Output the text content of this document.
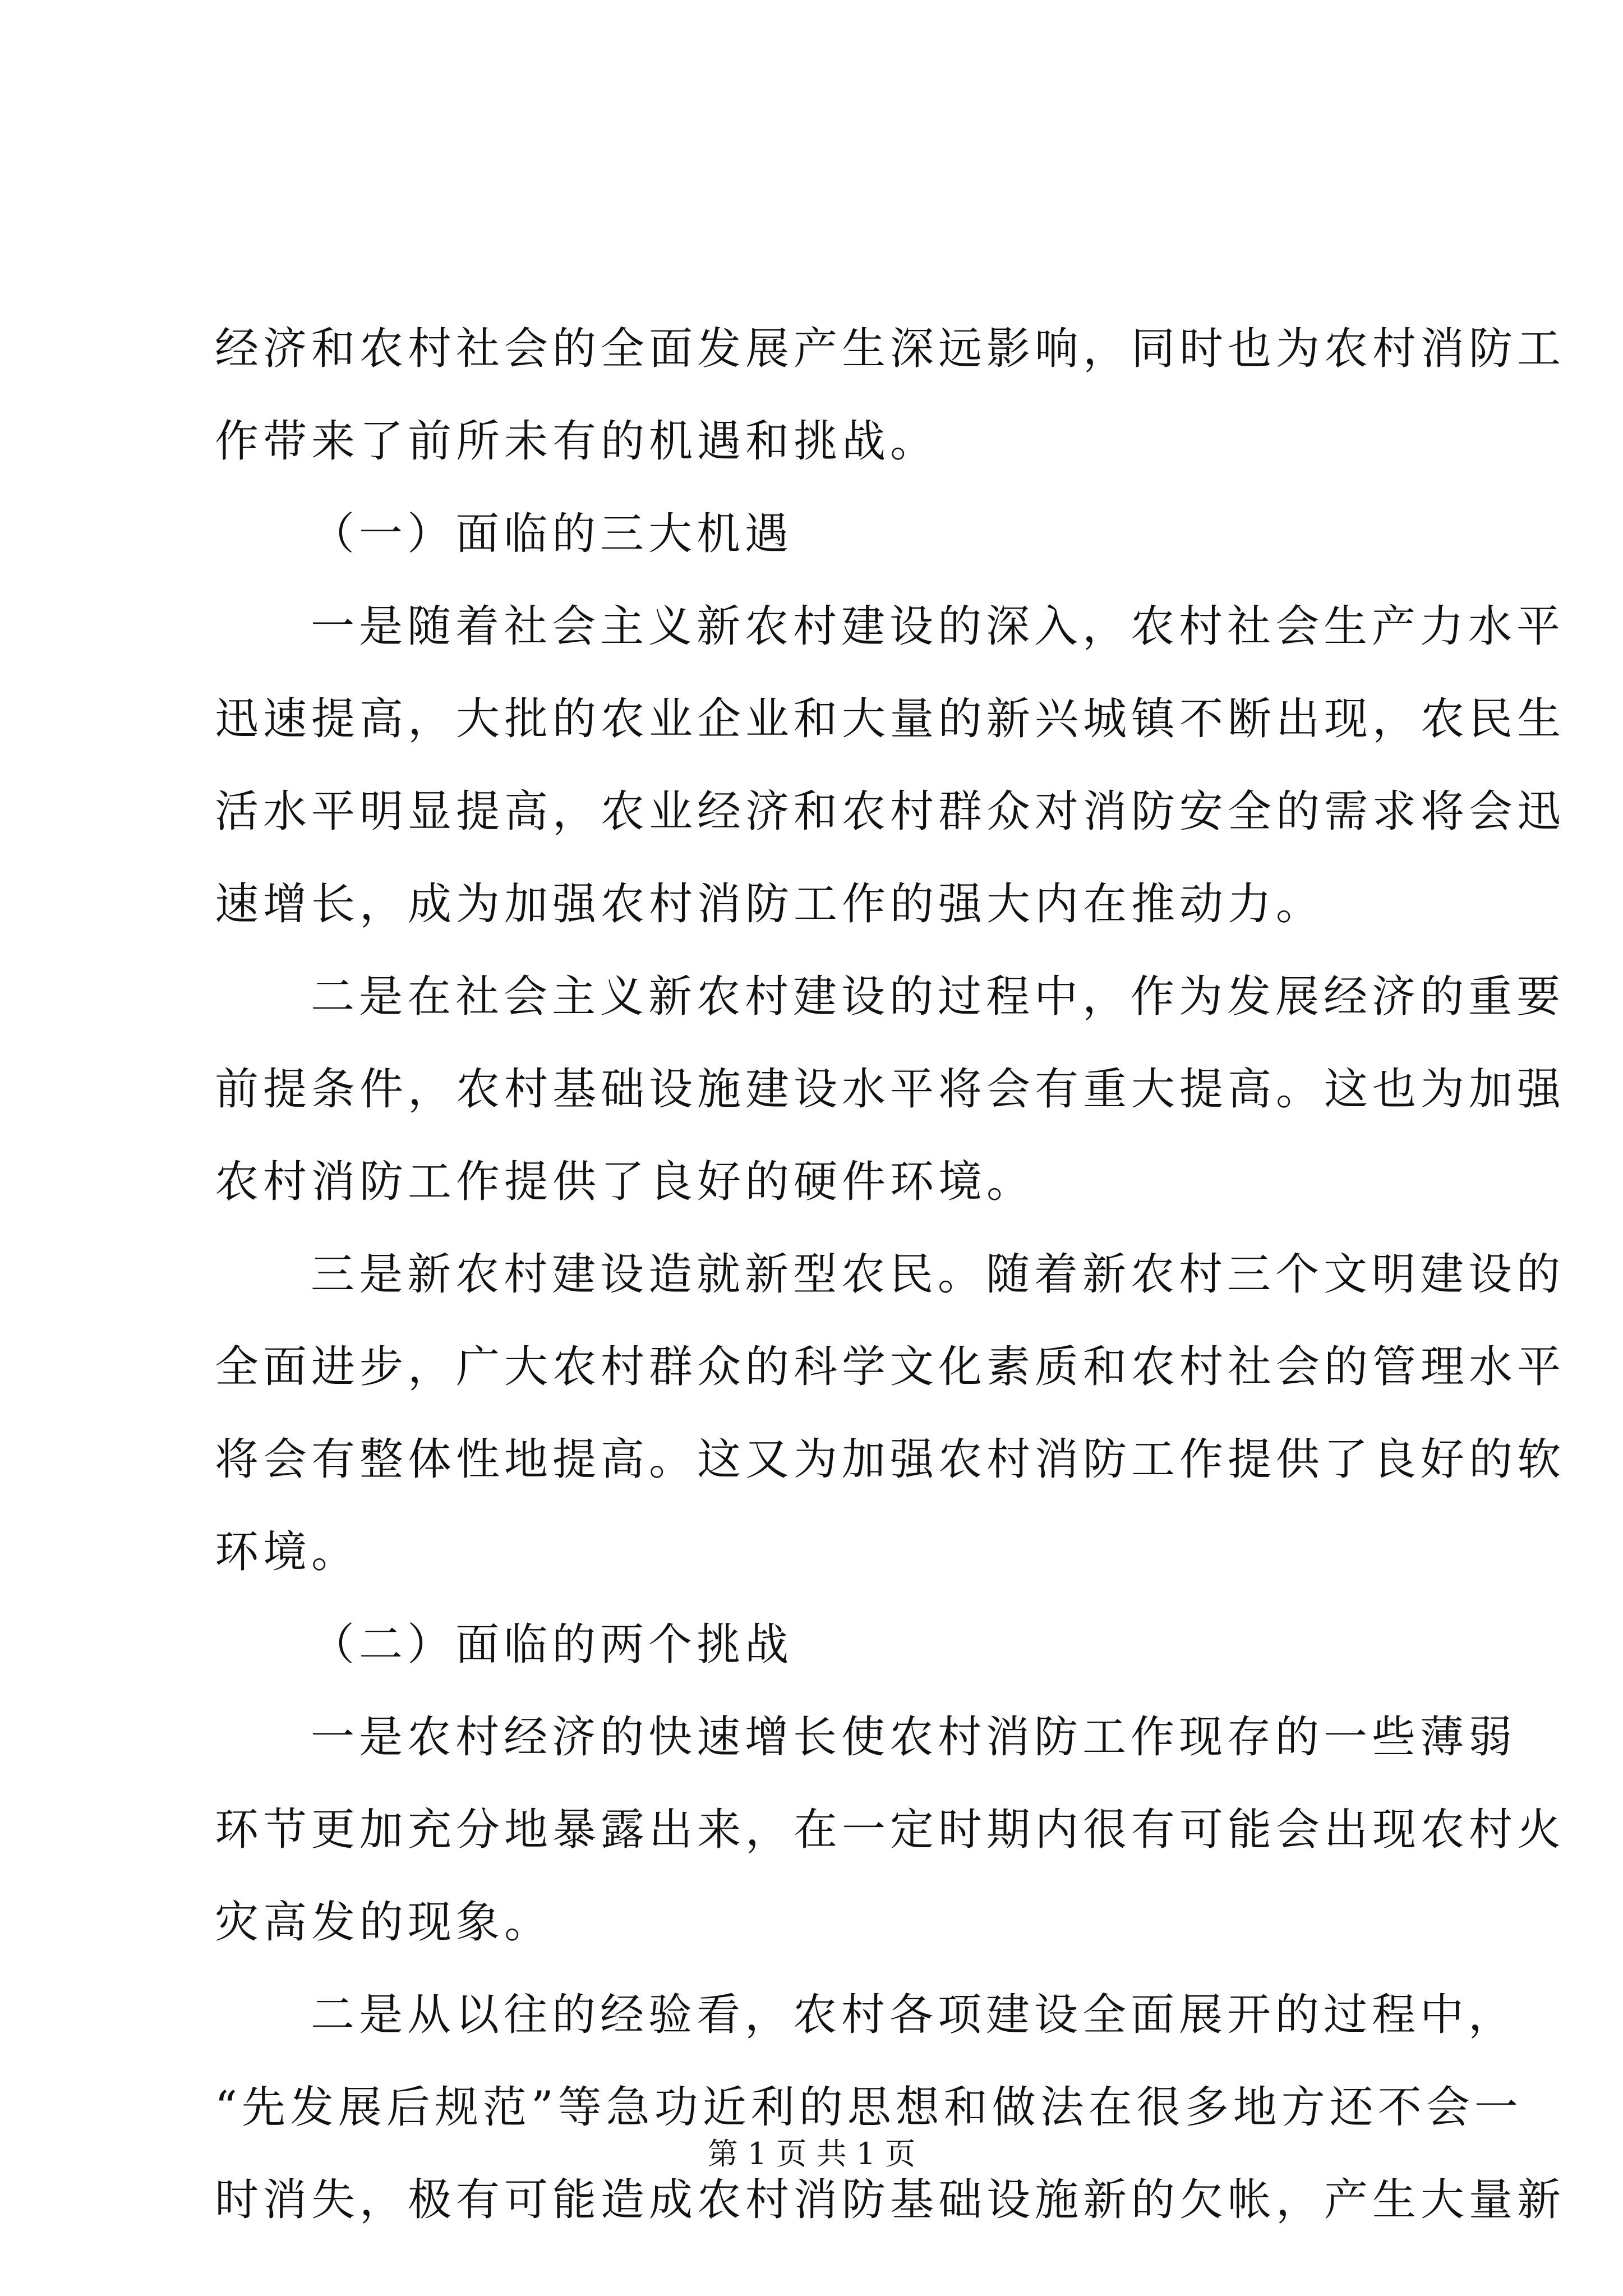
经济和农村社会的全面发展产生深远影响，同时也为农村消防工
作带来了前所未有的机遇和挑战。
（一）面临的三大机遇
一是随着社会主义新农村建设的深入，农村社会生产力水平
迅速提高，大批的农业企业和大量的新兴城镇不断出现，农民生
活水平明显提高，农业经济和农村群众对消防安全的需求将会迅
速增长，成为加强农村消防工作的强大内在推动力。
二是在社会主义新农村建设的过程中，作为发展经济的重要
前提条件，农村基础设施建设水平将会有重大提高。这也为加强
农村消防工作提供了良好的硬件环境。
三是新农村建设造就新型农民。随着新农村三个文明建设的
全面进步，广大农村群众的科学文化素质和农村社会的管理水平
将会有整体性地提高。这又为加强农村消防工作提供了良好的软
环境。
（二）面临的两个挑战
一是农村经济的快速增长使农村消防工作现存的一些薄弱
环节更加充分地暴露出来，在一定时期内很有可能会出现农村火
灾高发的现象。
二是从以往的经验看，农村各项建设全面展开的过程中，
“先发展后规范”等急功近利的思想和做法在很多地方还不会一
时消失，极有可能造成农村消防基础设施新的欠帐，产生大量新
第 1 页 共 1 页
